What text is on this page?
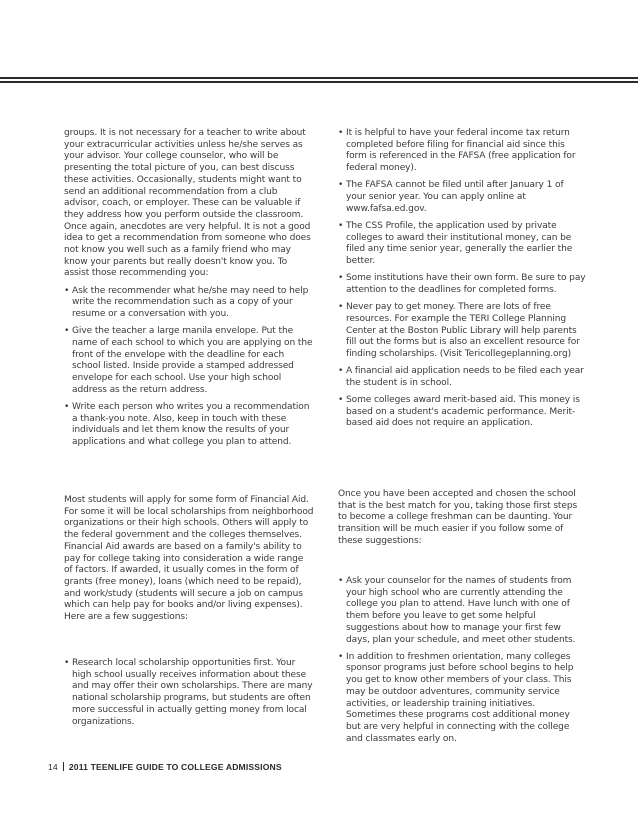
groups. It is not necessary for a teacher to write about your extracurricular activities unless he/she serves as your advisor. Your college counselor, who will be presenting the total picture of you, can best discuss these activities. Occasionally, students might want to send an additional recommendation from a club advisor, coach, or employer. These can be valuable if they address how you perform outside the classroom. Once again, anecdotes are very helpful. It is not a good idea to get a recommendation from someone who does not know you well such as a family friend who may know your parents but really doesn't know you. To assist those recommending you:

• Ask the recommender what he/she may need to help write the recommendation such as a copy of your resume or a conversation with you.
• Give the teacher a large manila envelope. Put the name of each school to which you are applying on the front of the envelope with the deadline for each school listed. Inside provide a stamped addressed envelope for each school. Use your high school address as the return address.
• Write each person who writes you a recommendation a thank-you note. Also, keep in touch with these individuals and let them know the results of your applications and what college you plan to attend.

Most students will apply for some form of Financial Aid. For some it will be local scholarships from neighborhood organizations or their high schools. Others will apply to the federal government and the colleges themselves. Financial Aid awards are based on a family's ability to pay for college taking into consideration a wide range of factors. If awarded, it usually comes in the form of grants (free money), loans (which need to be repaid), and work/study (students will secure a job on campus which can help pay for books and/or living expenses). Here are a few suggestions:

• Research local scholarship opportunities first. Your high school usually receives information about these and may offer their own scholarships. There are many national scholarship programs, but students are often more successful in actually getting money from local organizations.
• It is helpful to have your federal income tax return completed before filing for financial aid since this form is referenced in the FAFSA (free application for federal money).
• The FAFSA cannot be filed until after January 1 of your senior year. You can apply online at www.fafsa.ed.gov.
• The CSS Profile, the application used by private colleges to award their institutional money, can be filed any time senior year, generally the earlier the better.
• Some institutions have their own form. Be sure to pay attention to the deadlines for completed forms.
• Never pay to get money. There are lots of free resources. For example the TERI College Planning Center at the Boston Public Library will help parents fill out the forms but is also an excellent resource for finding scholarships. (Visit Tericollegeplanning.org)
• A financial aid application needs to be filed each year the student is in school.
• Some colleges award merit-based aid. This money is based on a student's academic performance. Merit-based aid does not require an application.

Once you have been accepted and chosen the school that is the best match for you, taking those first steps to become a college freshman can be daunting. Your transition will be much easier if you follow some of these suggestions:

• Ask your counselor for the names of students from your high school who are currently attending the college you plan to attend. Have lunch with one of them before you leave to get some helpful suggestions about how to manage your first few days, plan your schedule, and meet other students.
• In addition to freshmen orientation, many colleges sponsor programs just before school begins to help you get to know other members of your class. This may be outdoor adventures, community service activities, or leadership training initiatives. Sometimes these programs cost additional money but are very helpful in connecting with the college and classmates early on.
14 2011 TEENLIFE GUIDE TO COLLEGE ADMISSIONS
